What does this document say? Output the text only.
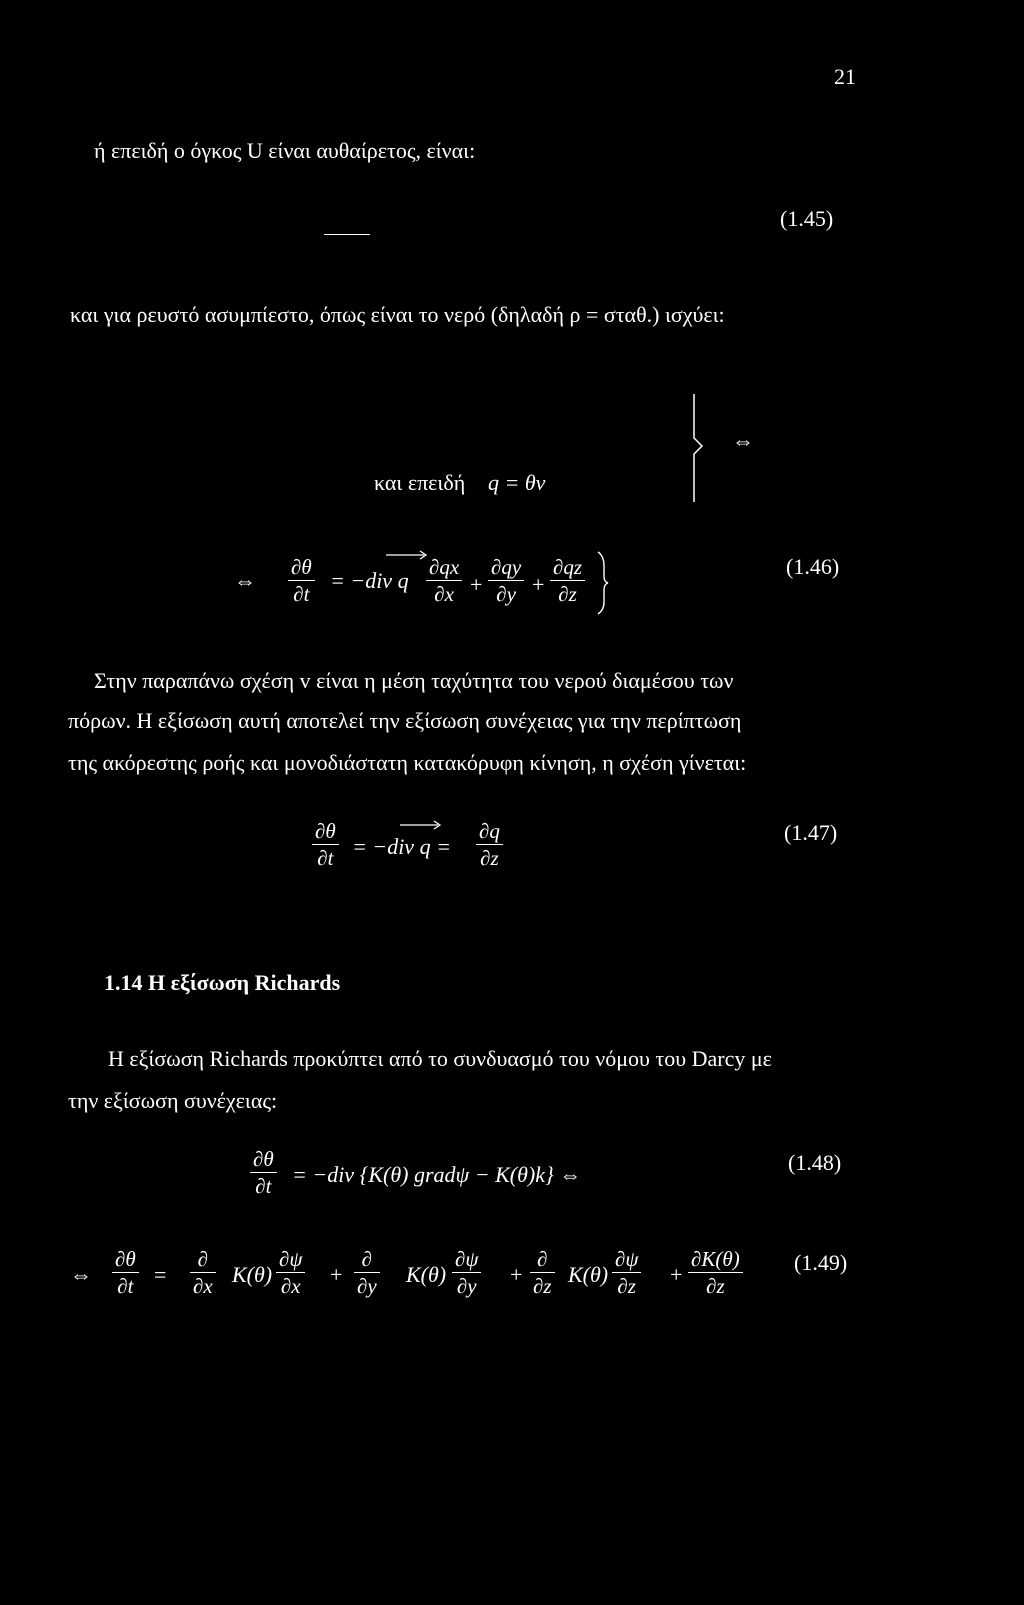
21
ή επειδή ο όγκος U είναι αυθαίρετος, είναι:
(1.45)
και για ρευστό ασυμπίεστο, όπως είναι το νερό (δηλαδή ρ = σταθ.) ισχύει:
⇔
και επειδή q = θv
⇔ $\frac{\partial\theta}{\partial t} = -div$ q $\frac{\partial qx}{\partial x} \frac{\partial qy}{\partial y} \frac{\partial qz}{\partial z}$
+ +
(1.46)
Στην παραπάνω σχέση v είναι η μέση ταχύτητα του νερού διαμέσου των
πόρων. Η εξίσωση αυτή αποτελεί την εξίσωση συνέχειας για την περίπτωση
της ακόρεστης ροής και μονοδιάστατη κατακόρυφη κίνηση, η σχέση γίνεται:
$\frac{\partial\theta}{\partial t} = -div$ $q = \frac{\partial q}{\partial z}$	(1.47)
1.14 Η εξίσωση Richards
Η εξίσωση Richards προκύπτει από το συνδυασμό του νόμου του Darcy με
την εξίσωση συνέχειας:
$\frac{\partial\theta}{\partial t} = -div$ {K(θ) gradψ − K(θ)k} ⇔	(1.48)
⇔ $\frac{\partial\theta}{\partial t}$ =
∂
∂x $K(\theta) \frac{\partial\psi}{\partial x}$ +
∂
∂y $K(\theta) \frac{\partial\psi}{\partial y}$ +
∂
∂z $K(\theta) \frac{\partial\psi}{\partial z} + \frac{\partial K(\theta)}{\partial z} (1.49)$
